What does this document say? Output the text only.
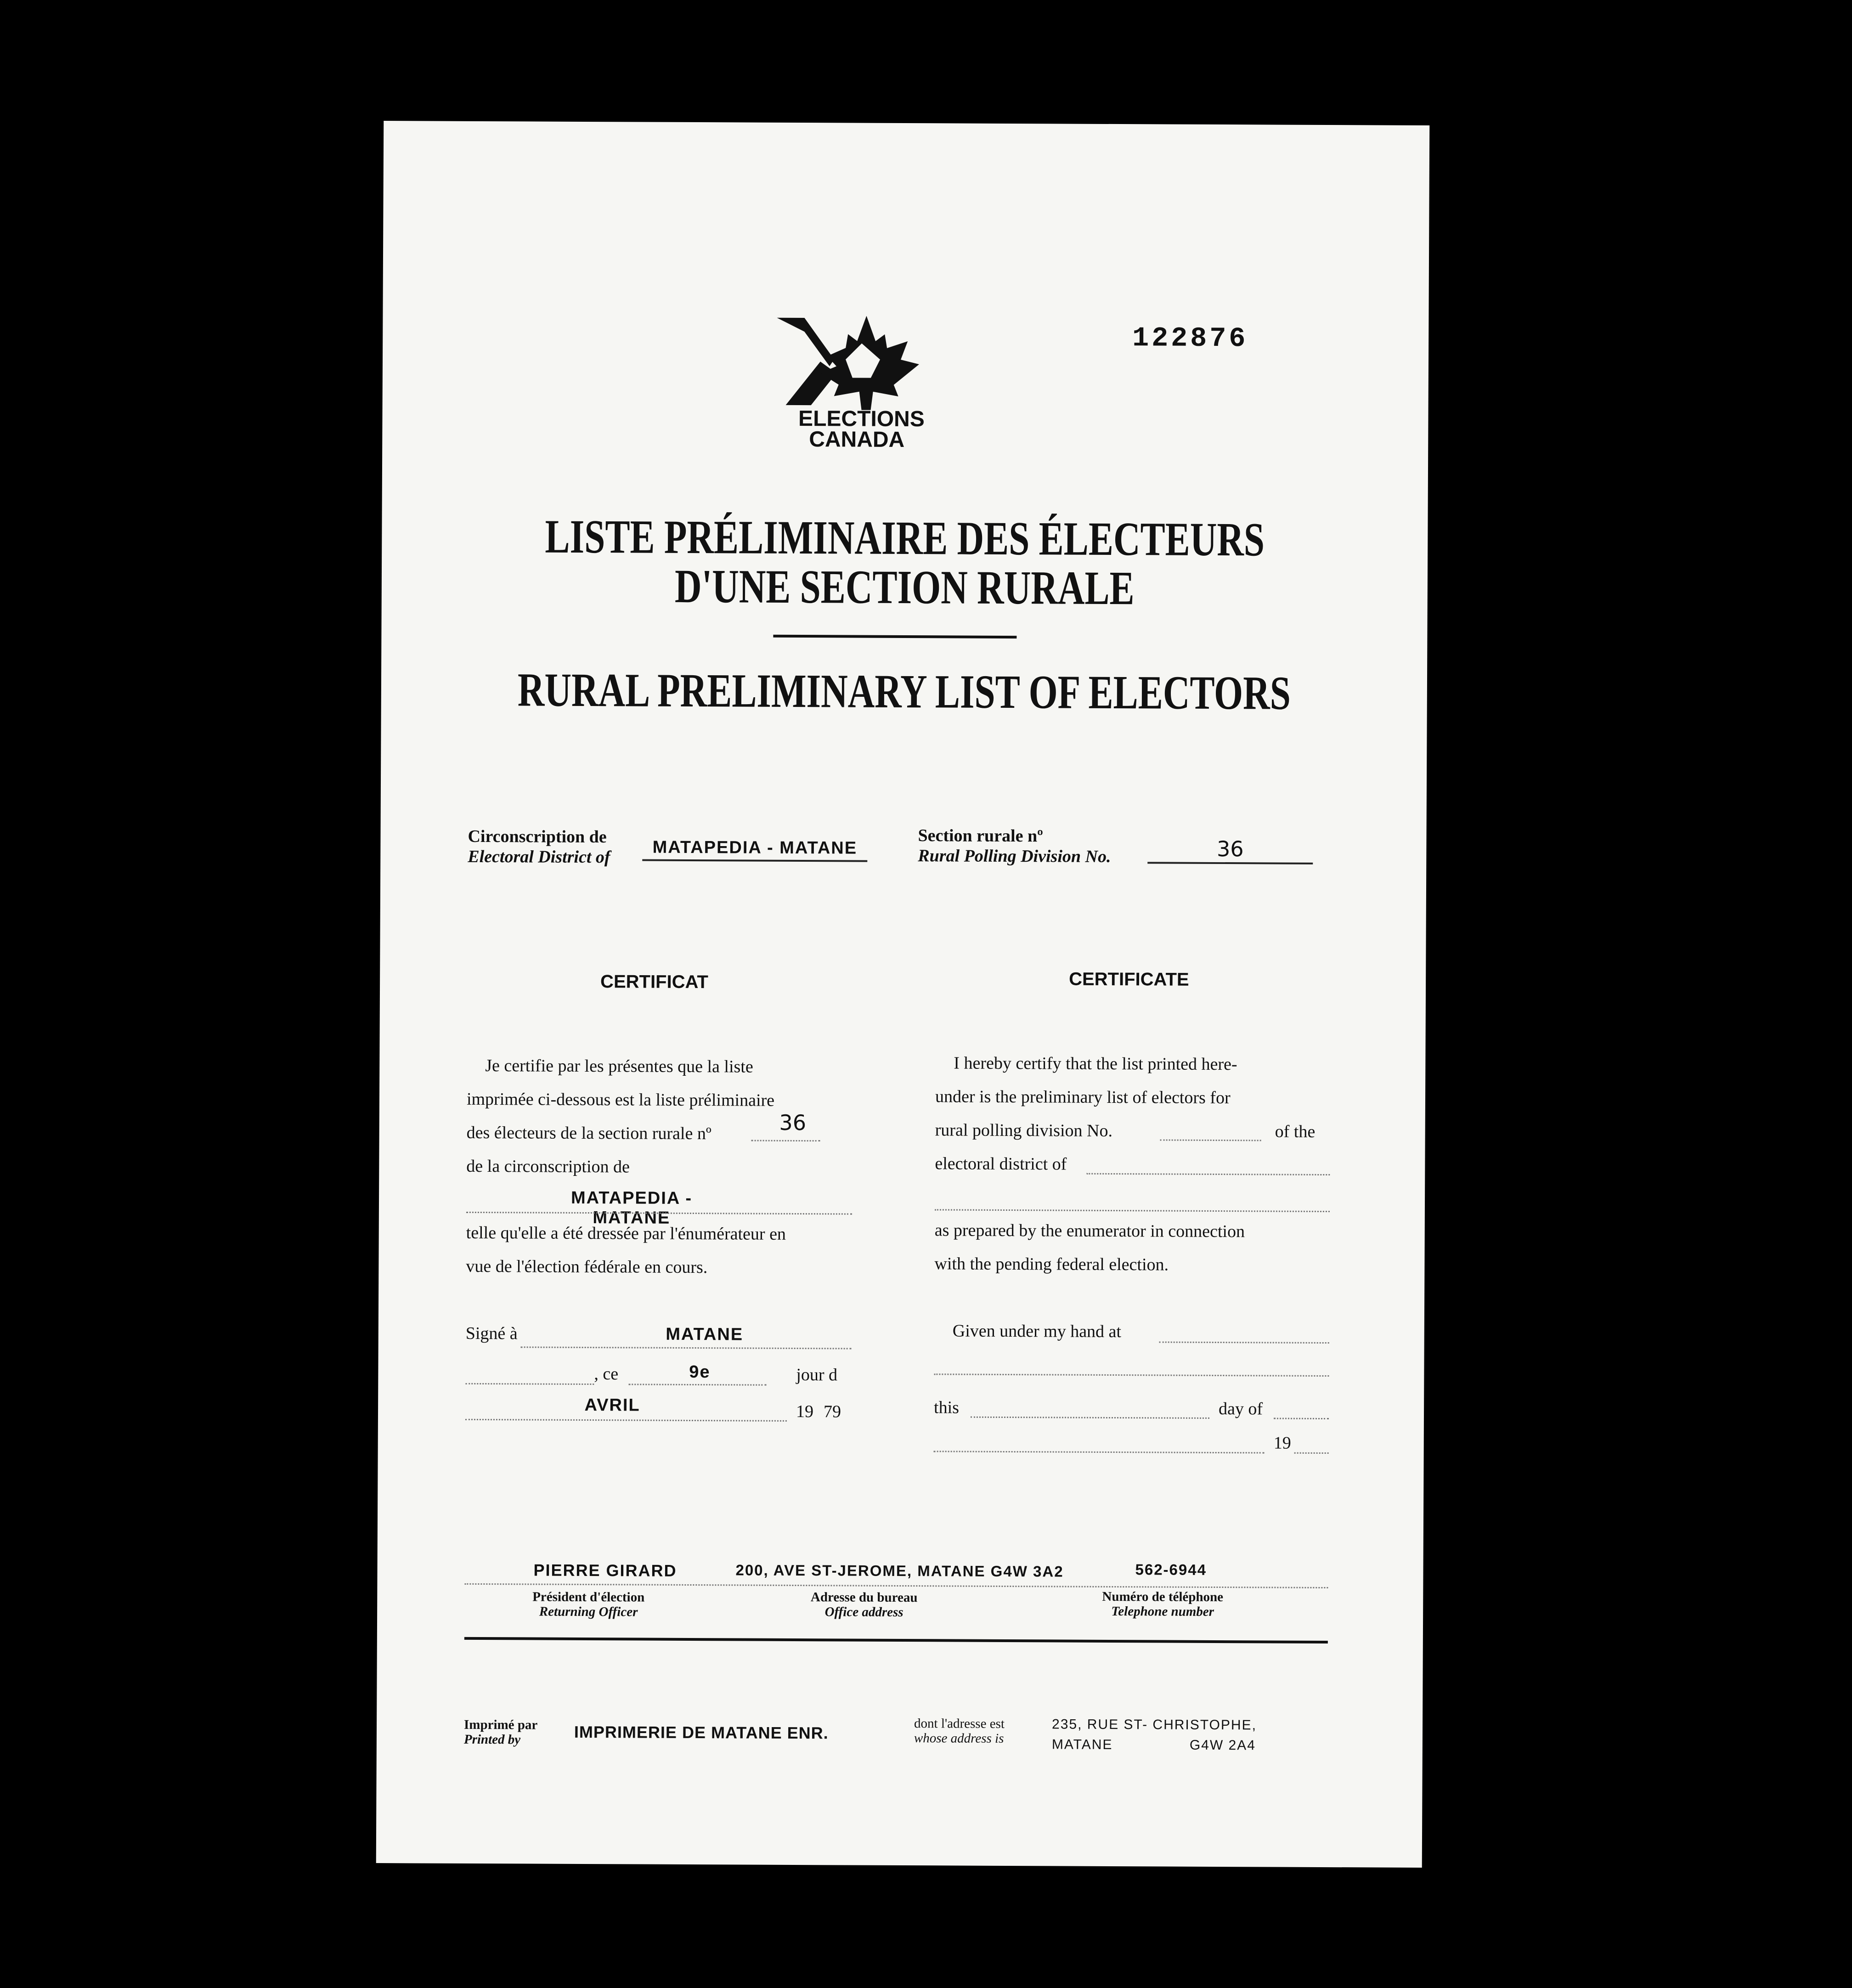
122876
ELECTIONS
CANADA
LISTE PRÉLIMINAIRE DES ÉLECTEURS
D'UNE SECTION RURALE
RURAL PRELIMINARY LIST OF ELECTORS
Circonscription de
Electoral District of	MATAPEDIA - MATANE
Section rurale nº
Rural Polling Division No.	36
CERTIFICAT
Je certifie par les présentes que la liste
imprimée ci-dessous est la liste préliminaire
des électeurs de la section rurale nº	36
de la circonscription de
MATAPEDIA - MATANE
telle qu'elle a été dressée par l'énumérateur en
vue de l'élection fédérale en cours.
Signé à	MATANE
, ce	9e	jour d
AVRIL	19 79
CERTIFICATE
I hereby certify that the list printed here-
under is the preliminary list of electors for
rural polling division No.	of the
electoral district of
as prepared by the enumerator in connection
with the pending federal election.
Given under my hand at
this	day of
19
PIERRE GIRARD	200, AVE ST-JEROME, MATANE G4W 3A2	562-6944
Président d'élection
Returning Officer
Adresse du bureau
Office address
Numéro de téléphone
Telephone number
Imprimé par
Printed by	IMPRIMERIE DE MATANE ENR.	dont l'adresse est
whose address is
235, RUE ST- CHRISTOPHE,
MATANE	G4W 2A4
